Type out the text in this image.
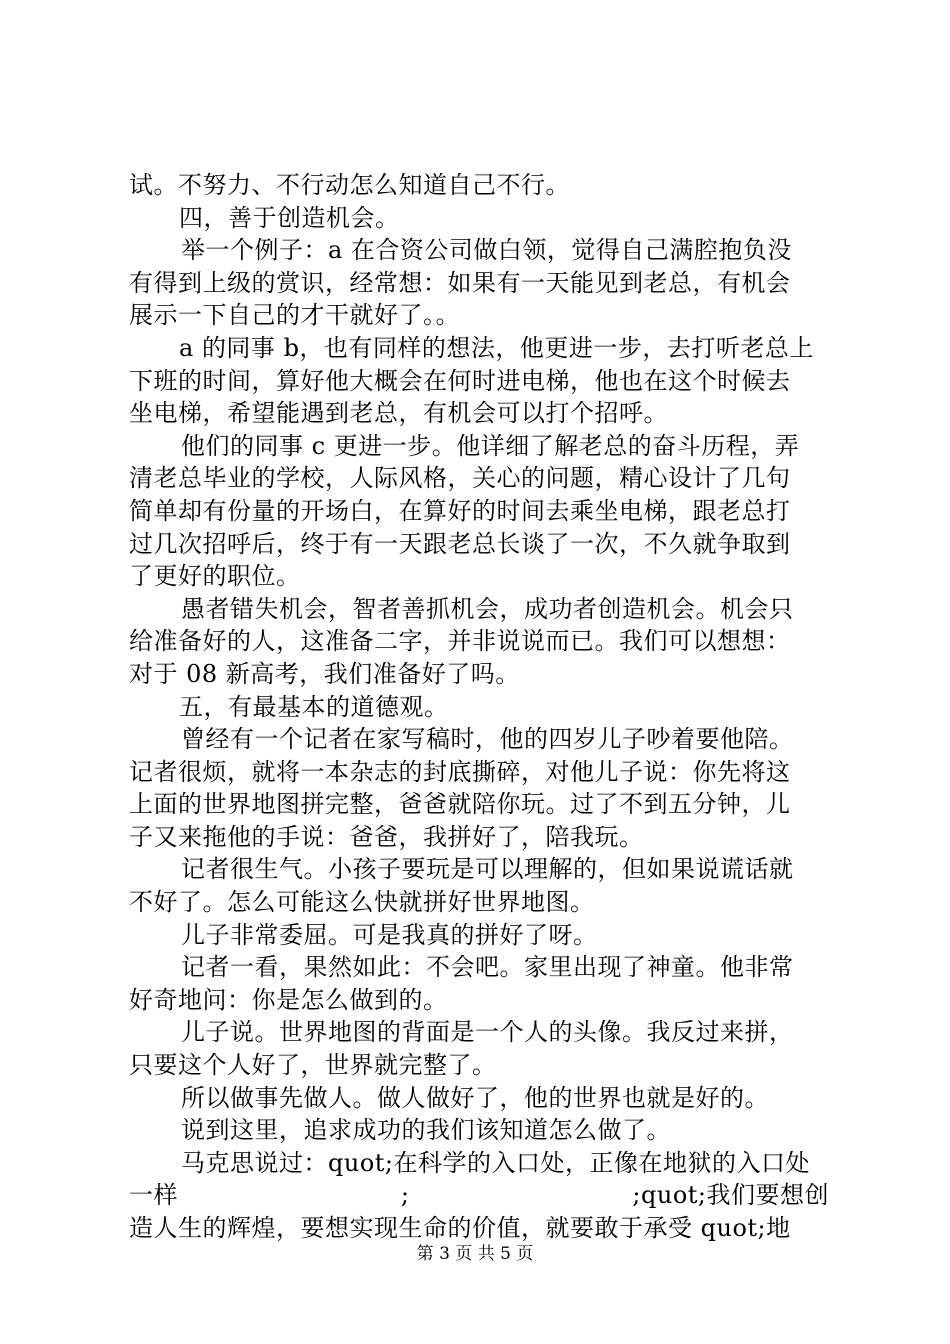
试。不努力、不行动怎么知道自己不行。
四，善于创造机会。
举一个例子：a 在合资公司做白领，觉得自己满腔抱负没
有得到上级的赏识，经常想：如果有一天能见到老总，有机会
展示一下自己的才干就好了。。
a 的同事 b，也有同样的想法，他更进一步，去打听老总上
下班的时间，算好他大概会在何时进电梯，他也在这个时候去
坐电梯，希望能遇到老总，有机会可以打个招呼。
他们的同事 c 更进一步。他详细了解老总的奋斗历程，弄
清老总毕业的学校，人际风格，关心的问题，精心设计了几句
简单却有份量的开场白，在算好的时间去乘坐电梯，跟老总打
过几次招呼后，终于有一天跟老总长谈了一次，不久就争取到
了更好的职位。
愚者错失机会，智者善抓机会，成功者创造机会。机会只
给准备好的人，这准备二字，并非说说而已。我们可以想想：
对于 08 新高考，我们准备好了吗。
五，有最基本的道德观。
曾经有一个记者在家写稿时，他的四岁儿子吵着要他陪。
记者很烦，就将一本杂志的封底撕碎，对他儿子说：你先将这
上面的世界地图拼完整，爸爸就陪你玩。过了不到五分钟，儿
子又来拖他的手说：爸爸，我拼好了，陪我玩。
记者很生气。小孩子要玩是可以理解的，但如果说谎话就
不好了。怎么可能这么快就拼好世界地图。
儿子非常委屈。可是我真的拼好了呀。
记者一看，果然如此：不会吧。家里出现了神童。他非常
好奇地问：你是怎么做到的。
儿子说。世界地图的背面是一个人的头像。我反过来拼，
只要这个人好了，世界就完整了。
所以做事先做人。做人做好了，他的世界也就是好的。
说到这里，追求成功的我们该知道怎么做了。
马克思说过：quot;在科学的入口处，正像在地狱的入口处
一样	;	;quot;我们要想创
造人生的辉煌，要想实现生命的价值，就要敢于承受 quot;地
第 3 页 共 5 页
